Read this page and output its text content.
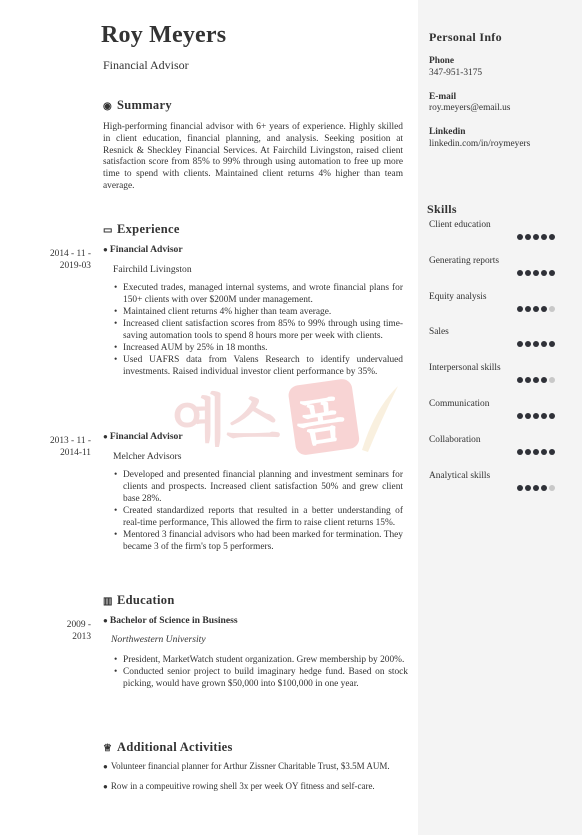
Roy Meyers
Financial Advisor
◉ Summary
High-performing financial advisor with 6+ years of experience. Highly skilled in client education, financial planning, and analysis. Seeking position at Resnick & Sheckley Financial Services. At Fairchild Livingston, raised client satisfaction score from 85% to 99% through using automation to free up more time to spend with clients. Maintained client returns 4% higher than team average.
▭ Experience
2014 - 11 -
2019-03
● Financial Advisor
Fairchild Livingston
• Executed trades, managed internal systems, and wrote financial plans for 150+ clients with over $200M under management.
• Maintained client returns 4% higher than team average.
• Increased client satisfaction scores from 85% to 99% through using time-saving automation tools to spend 8 hours more per week with clients.
• Increased AUM by 25% in 18 months.
• Used UAFRS data from Valens Research to identify undervalued investments. Raised individual investor client performance by 35%.
2013 - 11 -
2014-11
● Financial Advisor
Melcher Advisors
• Developed and presented financial planning and investment seminars for clients and prospects. Increased client satisfaction 50% and grew client base 28%.
• Created standardized reports that resulted in a better understanding of real-time performance, This allowed the firm to raise client returns 15%.
• Mentored 3 financial advisors who had been marked for termination. They became 3 of the firm's top 5 performers.
▥ Education
2009 -
2013
● Bachelor of Science in Business
Northwestern University
• President, MarketWatch student organization. Grew membership by 200%.
• Conducted senior project to build imaginary hedge fund. Based on stock picking, would have grown $50,000 into $100,000 in one year.
♕ Additional Activities
● Volunteer financial planner for Arthur Zissner Charitable Trust, $3.5M AUM.
● Row in a compeuitive rowing shell 3x per week OY fitness and self-care.
예스 폼
Personal Info
Phone
347-951-3175
E-mail
roy.meyers@email.us
Linkedin
linkedin.com/in/roymeyers
Skills
Client education
Generating reports
Equity analysis
Sales
Interpersonal skills
Communication
Collaboration
Analytical skills
